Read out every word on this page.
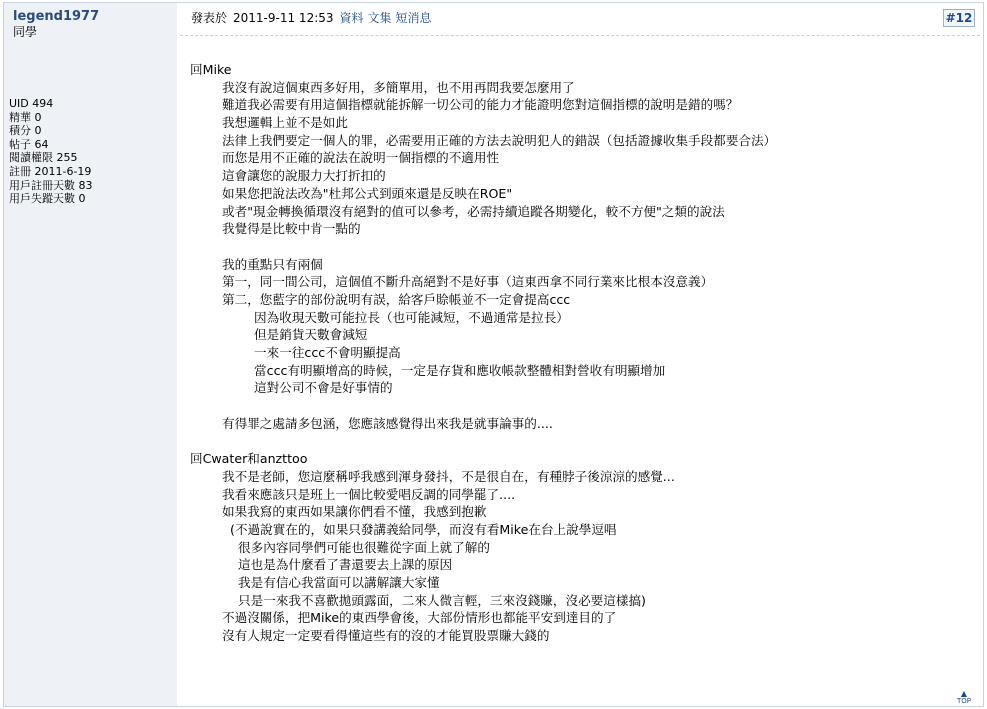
legend1977
同學
UID 494
精華 0
積分 0
帖子 64
閱讀權限 255
註冊 2011-6-19
用戶註冊天數 83
用戶失蹤天數 0
發表於 2011-9-11 12:53 資料 文集 短消息	#12
回Mike
我沒有說這個東西多好用，多簡單用，也不用再問我要怎麼用了
難道我必需要有用這個指標就能拆解一切公司的能力才能證明您對這個指標的說明是錯的嗎？
我想邏輯上並不是如此
法律上我們要定一個人的罪，必需要用正確的方法去說明犯人的錯誤（包括證據收集手段都要合法）
而您是用不正確的說法在說明一個指標的不適用性
這會讓您的說服力大打折扣的
如果您把說法改為"杜邦公式到頭來還是反映在ROE"
或者"現金轉換循環沒有絕對的值可以參考，必需持續追蹤各期變化，較不方便"之類的說法
我覺得是比較中肯一點的
我的重點只有兩個
第一，同一間公司，這個值不斷升高絕對不是好事（這東西拿不同行業來比根本沒意義）
第二，您藍字的部份說明有誤，給客戶賒帳並不一定會提高ccc
因為收現天數可能拉長（也可能減短，不過通常是拉長）
但是銷貨天數會減短
一來一往ccc不會明顯提高
當ccc有明顯增高的時候，一定是存貨和應收帳款整體相對營收有明顯增加
這對公司不會是好事情的
有得罪之處請多包涵，您應該感覺得出來我是就事論事的....
回Cwater和anzttoo
我不是老師，您這麼稱呼我感到渾身發抖，不是很自在，有種脖子後涼涼的感覺...
我看來應該只是班上一個比較愛唱反調的同學罷了....
如果我寫的東西如果讓你們看不懂，我感到抱歉
(不過說實在的，如果只發講義給同學，而沒有看Mike在台上說學逗唱
很多內容同學們可能也很難從字面上就了解的
這也是為什麼看了書還要去上課的原因
我是有信心我當面可以講解讓大家懂
只是一來我不喜歡拋頭露面，二來人微言輕，三來沒錢賺，沒必要這樣搞)
不過沒關係，把Mike的東西學會後，大部份情形也都能平安到達目的了
沒有人規定一定要看得懂這些有的沒的才能買股票賺大錢的
▲
TOP
